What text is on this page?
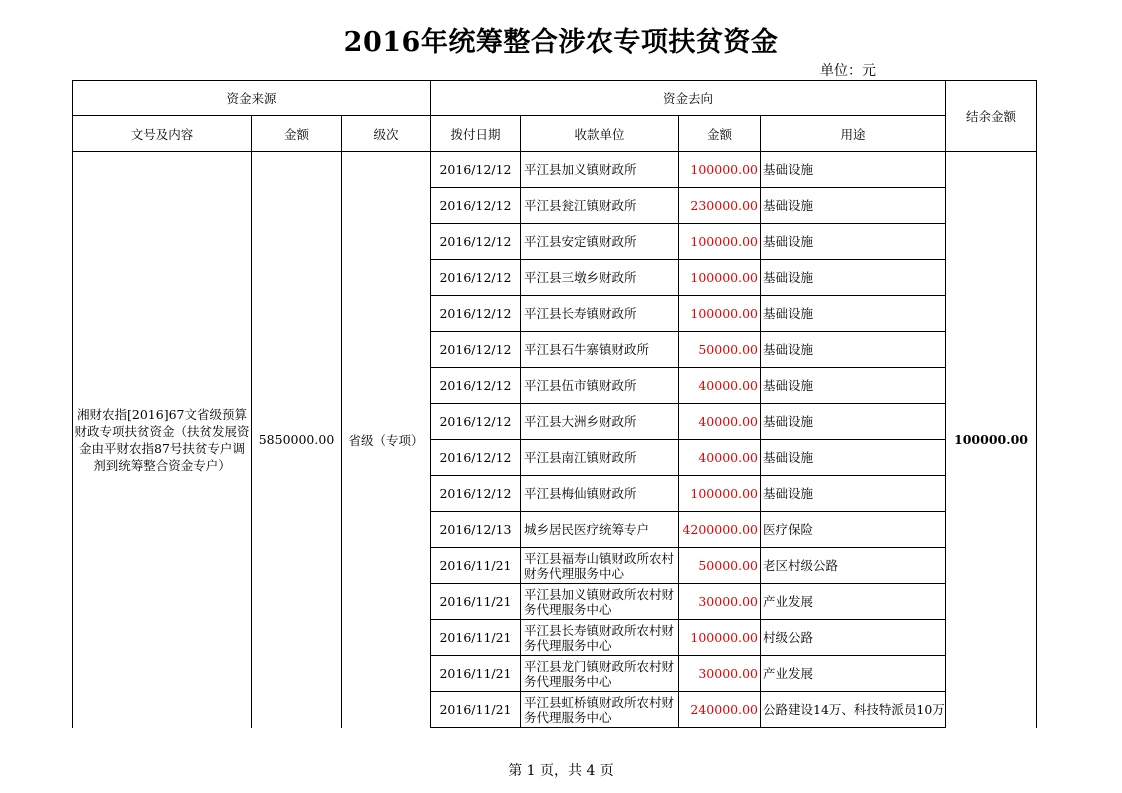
2016年统筹整合涉农专项扶贫资金
单位：元
资金来源			资金去向				结余金额
文号及内容	金额	级次	拨付日期	收款单位	金额	用途	
湘财农指[2016]67文省级预算财政专项扶贫资金（扶贫发展资金由平财农指87号扶贫专户调剂到统筹整合资金专户）	5850000.00	省级（专项）	2016/12/12	平江县加义镇财政所	100000.00	基础设施	100000.00
			2016/12/12	平江县瓮江镇财政所	230000.00	基础设施	
			2016/12/12	平江县安定镇财政所	100000.00	基础设施	
			2016/12/12	平江县三墩乡财政所	100000.00	基础设施	
			2016/12/12	平江县长寿镇财政所	100000.00	基础设施	
			2016/12/12	平江县石牛寨镇财政所	50000.00	基础设施	
			2016/12/12	平江县伍市镇财政所	40000.00	基础设施	
			2016/12/12	平江县大洲乡财政所	40000.00	基础设施	
			2016/12/12	平江县南江镇财政所	40000.00	基础设施	
			2016/12/12	平江县梅仙镇财政所	100000.00	基础设施	
			2016/12/13	城乡居民医疗统筹专户	4200000.00	医疗保险	
			2016/11/21	平江县福寿山镇财政所农村财务代理服务中心	50000.00	老区村级公路	
			2016/11/21	平江县加义镇财政所农村财务代理服务中心	30000.00	产业发展	
			2016/11/21	平江县长寿镇财政所农村财务代理服务中心	100000.00	村级公路	
			2016/11/21	平江县龙门镇财政所农村财务代理服务中心	30000.00	产业发展	
			2016/11/21	平江县虹桥镇财政所农村财务代理服务中心	240000.00	公路建设14万、科技特派员10万	
第 1 页，共 4 页
